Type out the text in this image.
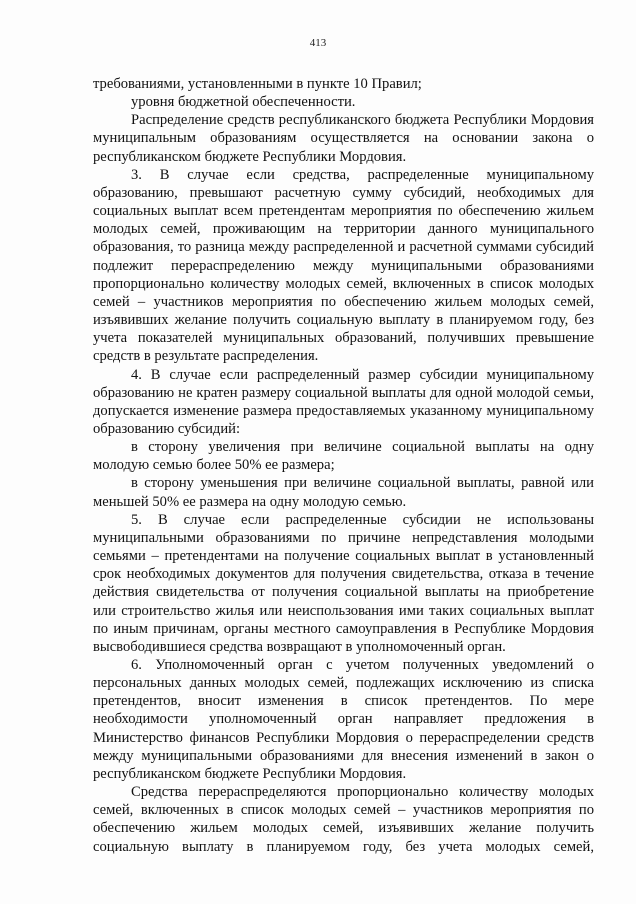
413

требованиями, установленными в пункте 10 Правил;

уровня бюджетной обеспеченности.

Распределение средств республиканского бюджета Республики Мордовия муниципальным образованиям осуществляется на основании закона о республиканском бюджете Республики Мордовия.

3. В случае если средства, распределенные муниципальному образованию, превышают расчетную сумму субсидий, необходимых для социальных выплат всем претендентам мероприятия по обеспечению жильем молодых семей, проживающим на территории данного муниципального образования, то разница между распределенной и расчетной суммами субсидий подлежит перераспределению между муниципальными образованиями пропорционально количеству молодых семей, включенных в список молодых семей – участников мероприятия по обеспечению жильем молодых семей, изъявивших желание получить социальную выплату в планируемом году, без учета показателей муниципальных образований, получивших превышение средств в результате распределения.

4. В случае если распределенный размер субсидии муниципальному образованию не кратен размеру социальной выплаты для одной молодой семьи, допускается изменение размера предоставляемых указанному муниципальному образованию субсидий:

в сторону увеличения при величине социальной выплаты на одну молодую семью более 50% ее размера;

в сторону уменьшения при величине социальной выплаты, равной или меньшей 50% ее размера на одну молодую семью.

5. В случае если распределенные субсидии не использованы муниципальными образованиями по причине непредставления молодыми семьями – претендентами на получение социальных выплат в установленный срок необходимых документов для получения свидетельства, отказа в течение действия свидетельства от получения социальной выплаты на приобретение или строительство жилья или неиспользования ими таких социальных выплат по иным причинам, органы местного самоуправления в Республике Мордовия высвободившиеся средства возвращают в уполномоченный орган.

6. Уполномоченный орган с учетом полученных уведомлений о персональных данных молодых семей, подлежащих исключению из списка претендентов, вносит изменения в список претендентов. По мере необходимости уполномоченный орган направляет предложения в Министерство финансов Республики Мордовия о перераспределении средств между муниципальными образованиями для внесения изменений в закон о республиканском бюджете Республики Мордовия.

Средства перераспределяются пропорционально количеству молодых семей, включенных в список молодых семей – участников мероприятия по обеспечению жильем молодых семей, изъявивших желание получить социальную выплату в планируемом году, без учета молодых семей,
